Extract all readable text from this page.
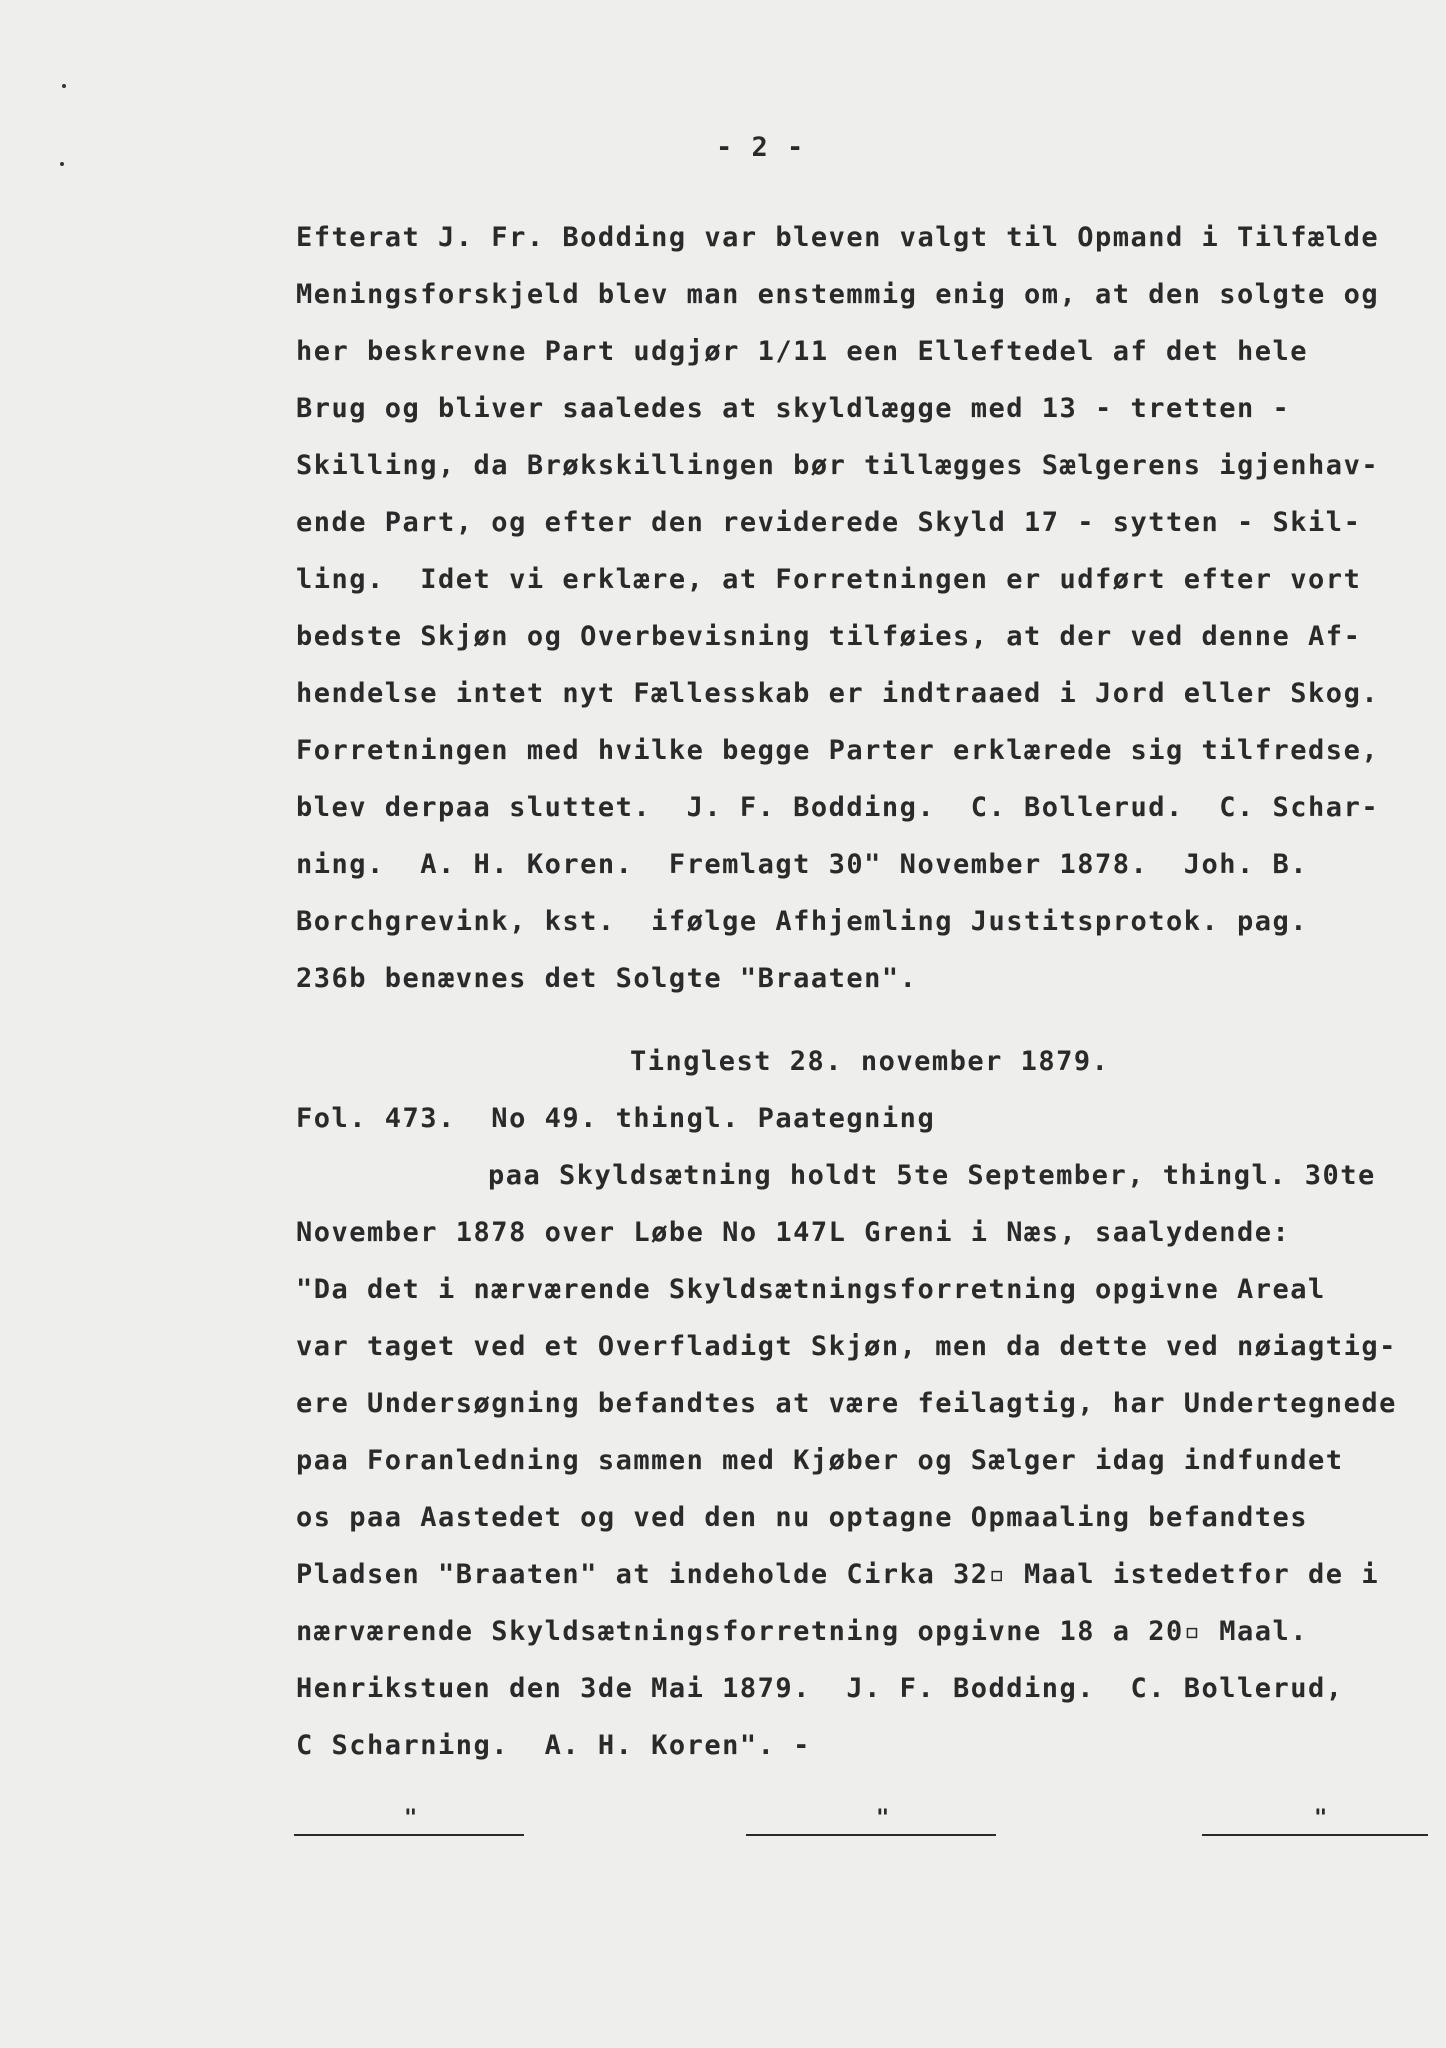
- 2 -
Efterat J. Fr. Bodding var bleven valgt til Opmand i Tilfælde
Meningsforskjeld blev man enstemmig enig om, at den solgte og
her beskrevne Part udgjør 1/11 een Elleftedel af det hele
Brug og bliver saaledes at skyldlægge med 13 - tretten -
Skilling, da Brøkskillingen bør tillægges Sælgerens igjenhav-
ende Part, og efter den reviderede Skyld 17 - sytten - Skil-
ling.  Idet vi erklære, at Forretningen er udført efter vort
bedste Skjøn og Overbevisning tilføies, at der ved denne Af-
hendelse intet nyt Fællesskab er indtraaed i Jord eller Skog.
Forretningen med hvilke begge Parter erklærede sig tilfredse,
blev derpaa sluttet.  J. F. Bodding.  C. Bollerud.  C. Schar-
ning.  A. H. Koren.  Fremlagt 30" November 1878.  Joh. B.
Borchgrevink, kst.  ifølge Afhjemling Justitsprotok. pag.
236b benævnes det Solgte "Braaten".
Tinglest 28. november 1879.
Fol. 473.  No 49. thingl. Paategning
paa Skyldsætning holdt 5te September, thingl. 30te
November 1878 over Løbe No 147L Greni i Næs, saalydende:
"Da det i nærværende Skyldsætningsforretning opgivne Areal
var taget ved et Overfladigt Skjøn, men da dette ved nøiagtig-
ere Undersøgning befandtes at være feilagtig, har Undertegnede
paa Foranledning sammen med Kjøber og Sælger idag indfundet
os paa Aastedet og ved den nu optagne Opmaaling befandtes
Pladsen "Braaten" at indeholde Cirka 32▫ Maal istedetfor de i
nærværende Skyldsætningsforretning opgivne 18 a 20▫ Maal.
Henrikstuen den 3de Mai 1879.  J. F. Bodding.  C. Bollerud,
C Scharning.  A. H. Koren". -
"	"	"
